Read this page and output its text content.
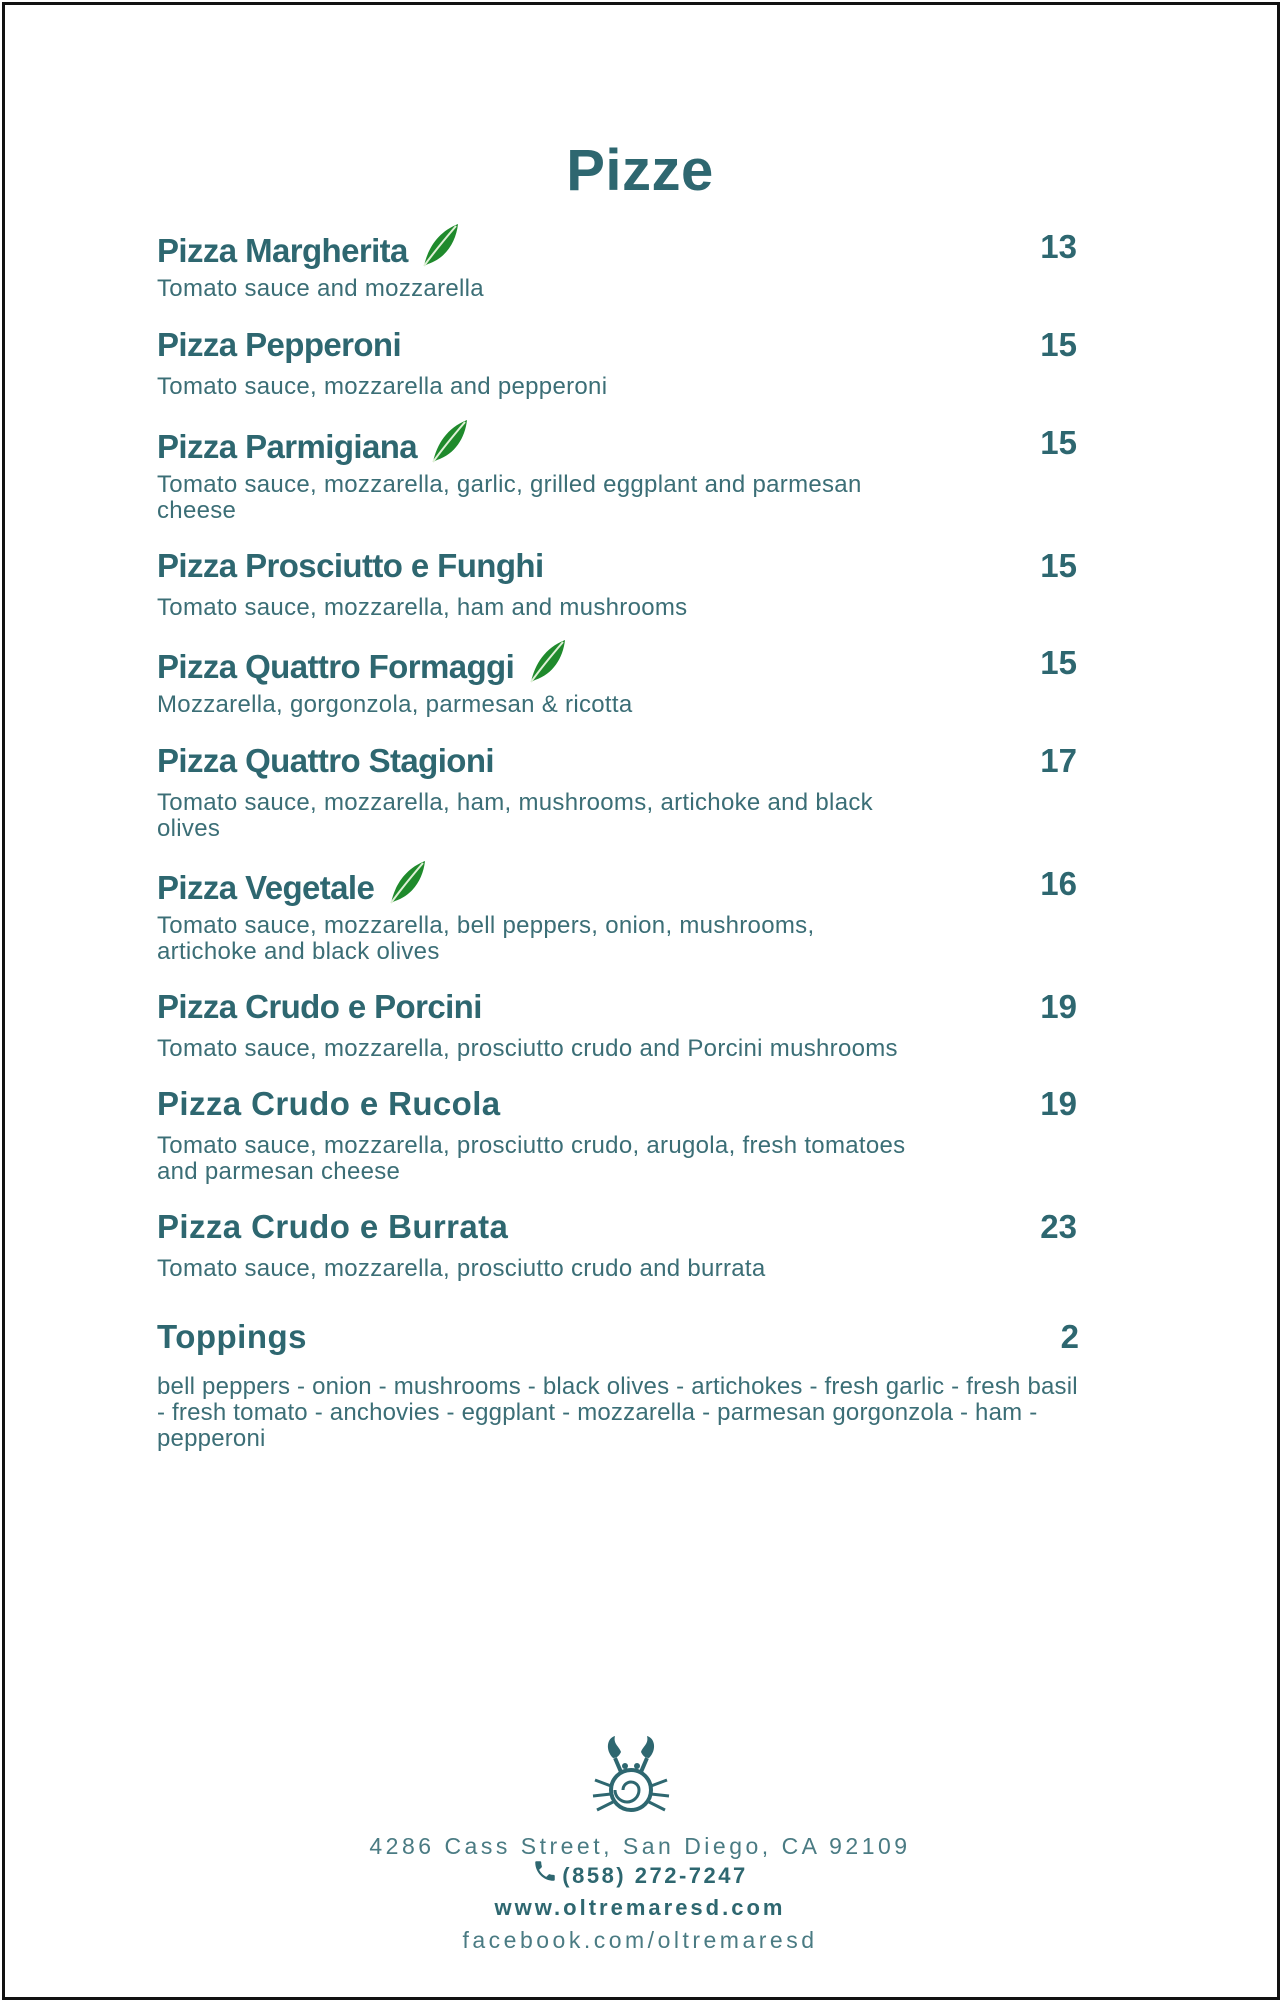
Pizze
Pizza Margherita	13
Tomato sauce and mozzarella
Pizza Pepperoni	15
Tomato sauce, mozzarella and pepperoni
Pizza Parmigiana	15
Tomato sauce, mozzarella, garlic, grilled eggplant and parmesan cheese
Pizza Prosciutto e Funghi	15
Tomato sauce, mozzarella, ham and mushrooms
Pizza Quattro Formaggi	15
Mozzarella, gorgonzola, parmesan & ricotta
Pizza Quattro Stagioni	17
Tomato sauce, mozzarella, ham, mushrooms, artichoke and black olives
Pizza Vegetale	16
Tomato sauce, mozzarella, bell peppers, onion, mushrooms, artichoke and black olives
Pizza Crudo e Porcini	19
Tomato sauce, mozzarella, prosciutto crudo and Porcini mushrooms
Pizza Crudo e Rucola	19
Tomato sauce, mozzarella, prosciutto crudo, arugola, fresh tomatoes and parmesan cheese
Pizza Crudo e Burrata	23
Tomato sauce, mozzarella, prosciutto crudo and burrata
Toppings	2
bell peppers - onion - mushrooms - black olives - artichokes - fresh garlic - fresh basil - fresh tomato - anchovies - eggplant - mozzarella - parmesan gorgonzola - ham - pepperoni
4286 Cass Street, San Diego, CA 92109
(858) 272-7247
www.oltremaresd.com
facebook.com/oltremaresd
